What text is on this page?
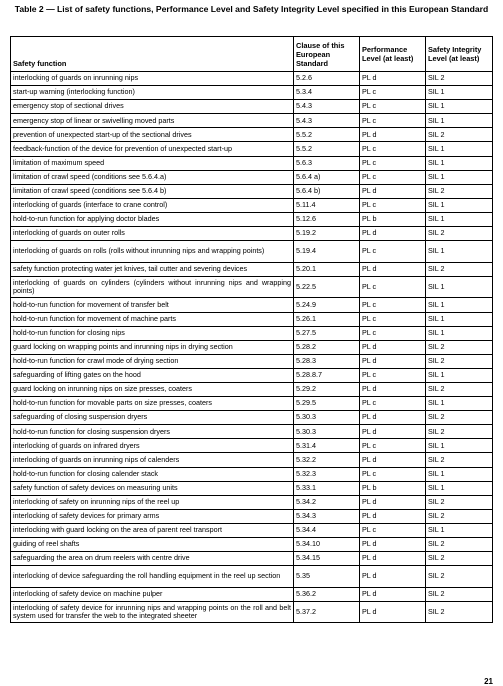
Table 2 — List of safety functions, Performance Level and Safety Integrity Level specified in this European Standard
Safety function	Clause of this European Standard	Performance Level (at least)	Safety Integrity Level (at least)
interlocking of guards on inrunning nips	5.2.6	PL d	SIL 2
start-up warning (interlocking function)	5.3.4	PL c	SIL 1
emergency stop of sectional drives	5.4.3	PL c	SIL 1
emergency stop of linear or swivelling moved parts	5.4.3	PL c	SIL 1
prevention of unexpected start-up of the sectional drives	5.5.2	PL d	SIL 2
feedback-function of the device for prevention of unexpected start-up	5.5.2	PL c	SIL 1
limitation of maximum speed	5.6.3	PL c	SIL 1
limitation of crawl speed (conditions see 5.6.4.a)	5.6.4 a)	PL c	SIL 1
limitation of crawl speed (conditions see 5.6.4 b)	5.6.4 b)	PL d	SIL 2
interlocking of guards (interface to crane control)	5.11.4	PL c	SIL 1
hold-to-run function for applying doctor blades	5.12.6	PL b	SIL 1
interlocking of guards on outer rolls	5.19.2	PL d	SIL 2
interlocking of guards on rolls (rolls without inrunning nips and wrapping points)	5.19.4	PL c	SIL 1
safety function protecting water jet knives, tail cutter and severing devices	5.20.1	PL d	SIL 2
interlocking of guards on cylinders (cylinders without inrunning nips and wrapping points)	5.22.5	PL c	SIL 1
hold-to-run function for movement of transfer belt	5.24.9	PL c	SIL 1
hold-to-run function for movement of machine parts	5.26.1	PL c	SIL 1
hold-to-run function for closing nips	5.27.5	PL c	SIL 1
guard locking on wrapping points and inrunning nips in drying section	5.28.2	PL d	SIL 2
hold-to-run function for crawl mode of drying section	5.28.3	PL d	SIL 2
safeguarding of lifting gates on the hood	5.28.8.7	PL c	SIL 1
guard locking on inrunning nips on size presses, coaters	5.29.2	PL d	SIL 2
hold-to-run function for movable parts on size presses, coaters	5.29.5	PL c	SIL 1
safeguarding of closing suspension dryers	5.30.3	PL d	SIL 2
hold-to-run function for closing suspension dryers	5.30.3	PL d	SIL 2
interlocking of guards on infrared dryers	5.31.4	PL c	SIL 1
interlocking of guards on inrunning nips of calenders	5.32.2	PL d	SIL 2
hold-to-run function for closing calender stack	5.32.3	PL c	SIL 1
safety function of safety devices on measuring units	5.33.1	PL b	SIL 1
interlocking of safety on inrunning nips of the reel up	5.34.2	PL d	SIL 2
interlocking of safety devices for primary arms	5.34.3	PL d	SIL 2
interlocking with guard locking on the area of parent reel transport	5.34.4	PL c	SIL 1
guiding of reel shafts	5.34.10	PL d	SIL 2
safeguarding the area on drum reelers with centre drive	5.34.15	PL d	SIL 2
interlocking of device safeguarding the roll handling equipment in the reel up section	5.35	PL d	SIL 2
interlocking of safety device on machine pulper	5.36.2	PL d	SIL 2
interlocking of safety device for inrunning nips and wrapping points on the roll and belt system used for transfer the web to the integrated sheeter	5.37.2	PL d	SIL 2
21
